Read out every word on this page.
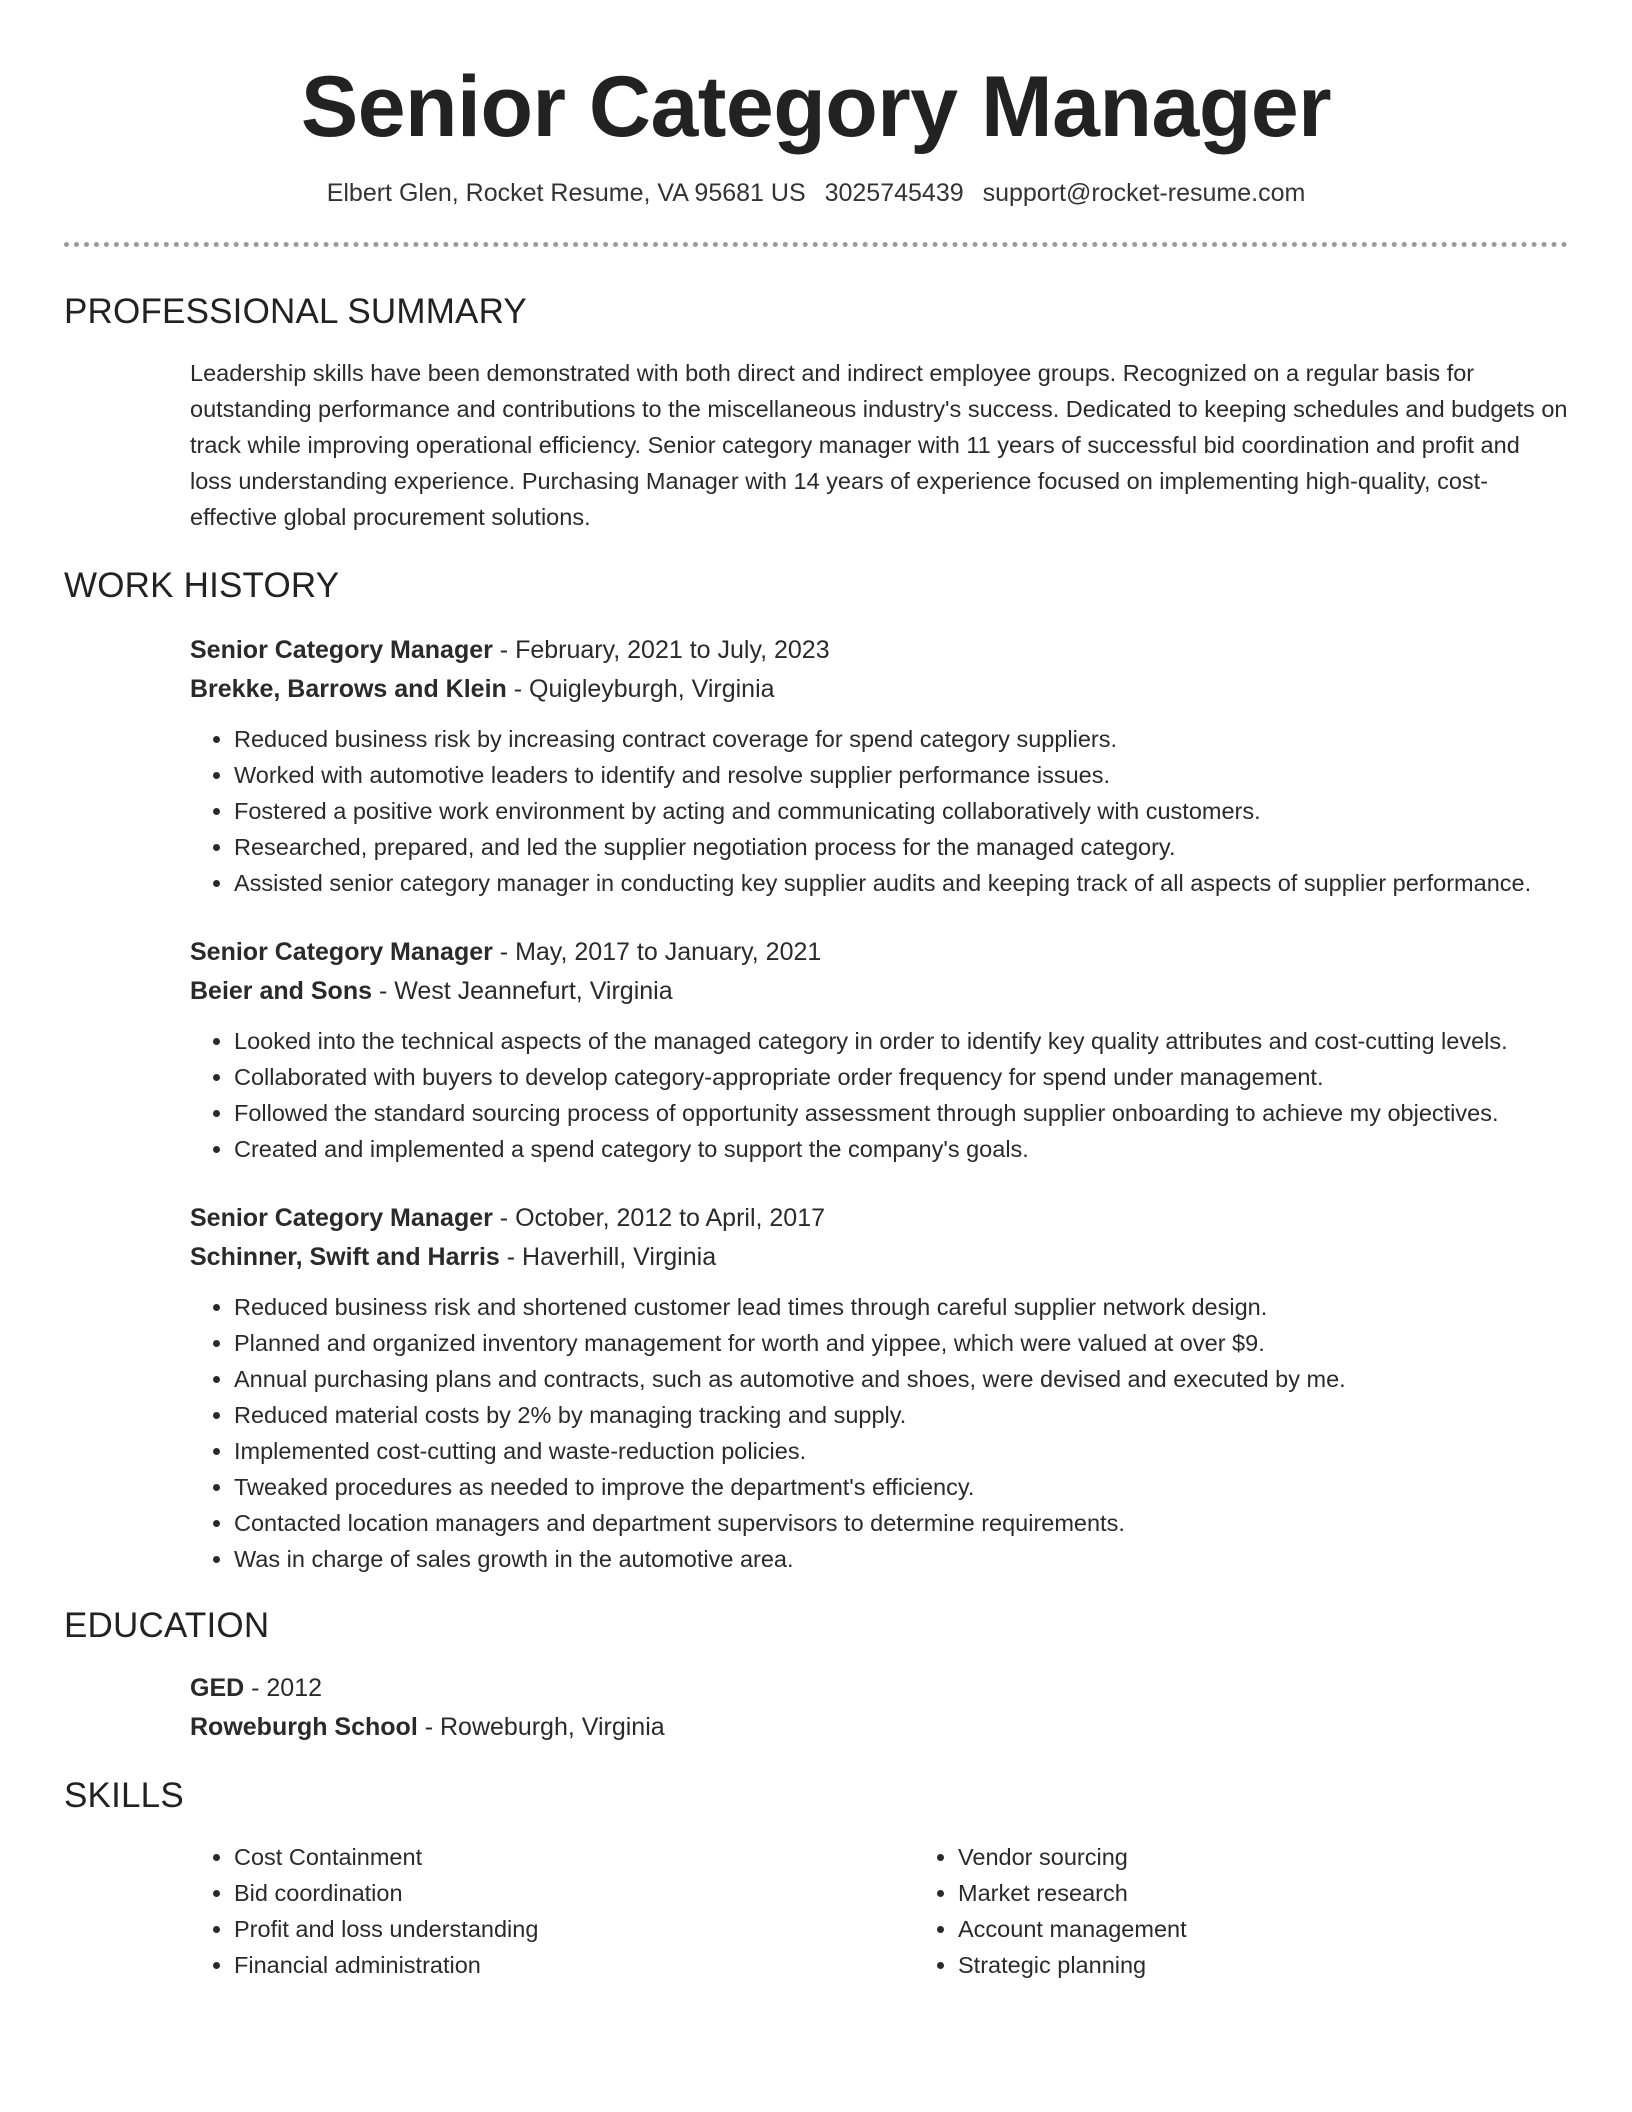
Senior Category Manager
Elbert Glen, Rocket Resume, VA 95681 US 3025745439 support@rocket-resume.com
PROFESSIONAL SUMMARY

Leadership skills have been demonstrated with both direct and indirect employee groups. Recognized on a regular basis for outstanding performance and contributions to the miscellaneous industry's success. Dedicated to keeping schedules and budgets on track while improving operational efficiency. Senior category manager with 11 years of successful bid coordination and profit and loss understanding experience. Purchasing Manager with 14 years of experience focused on implementing high-quality, cost-effective global procurement solutions.

WORK HISTORY
Senior Category Manager - February, 2021 to July, 2023
Brekke, Barrows and Klein - Quigleyburgh, Virginia
• Reduced business risk by increasing contract coverage for spend category suppliers.
• Worked with automotive leaders to identify and resolve supplier performance issues.
• Fostered a positive work environment by acting and communicating collaboratively with customers.
• Researched, prepared, and led the supplier negotiation process for the managed category.
• Assisted senior category manager in conducting key supplier audits and keeping track of all aspects of supplier performance.
Senior Category Manager - May, 2017 to January, 2021
Beier and Sons - West Jeannefurt, Virginia
• Looked into the technical aspects of the managed category in order to identify key quality attributes and cost-cutting levels.
• Collaborated with buyers to develop category-appropriate order frequency for spend under management.
• Followed the standard sourcing process of opportunity assessment through supplier onboarding to achieve my objectives.
• Created and implemented a spend category to support the company's goals.
Senior Category Manager - October, 2012 to April, 2017
Schinner, Swift and Harris - Haverhill, Virginia
• Reduced business risk and shortened customer lead times through careful supplier network design.
• Planned and organized inventory management for worth and yippee, which were valued at over $9.
• Annual purchasing plans and contracts, such as automotive and shoes, were devised and executed by me.
• Reduced material costs by 2% by managing tracking and supply.
• Implemented cost-cutting and waste-reduction policies.
• Tweaked procedures as needed to improve the department's efficiency.
• Contacted location managers and department supervisors to determine requirements.
• Was in charge of sales growth in the automotive area.
EDUCATION
GED - 2012
Roweburgh School - Roweburgh, Virginia
SKILLS
• Cost Containment
• Bid coordination
• Profit and loss understanding
• Financial administration
• Vendor sourcing
• Market research
• Account management
• Strategic planning
